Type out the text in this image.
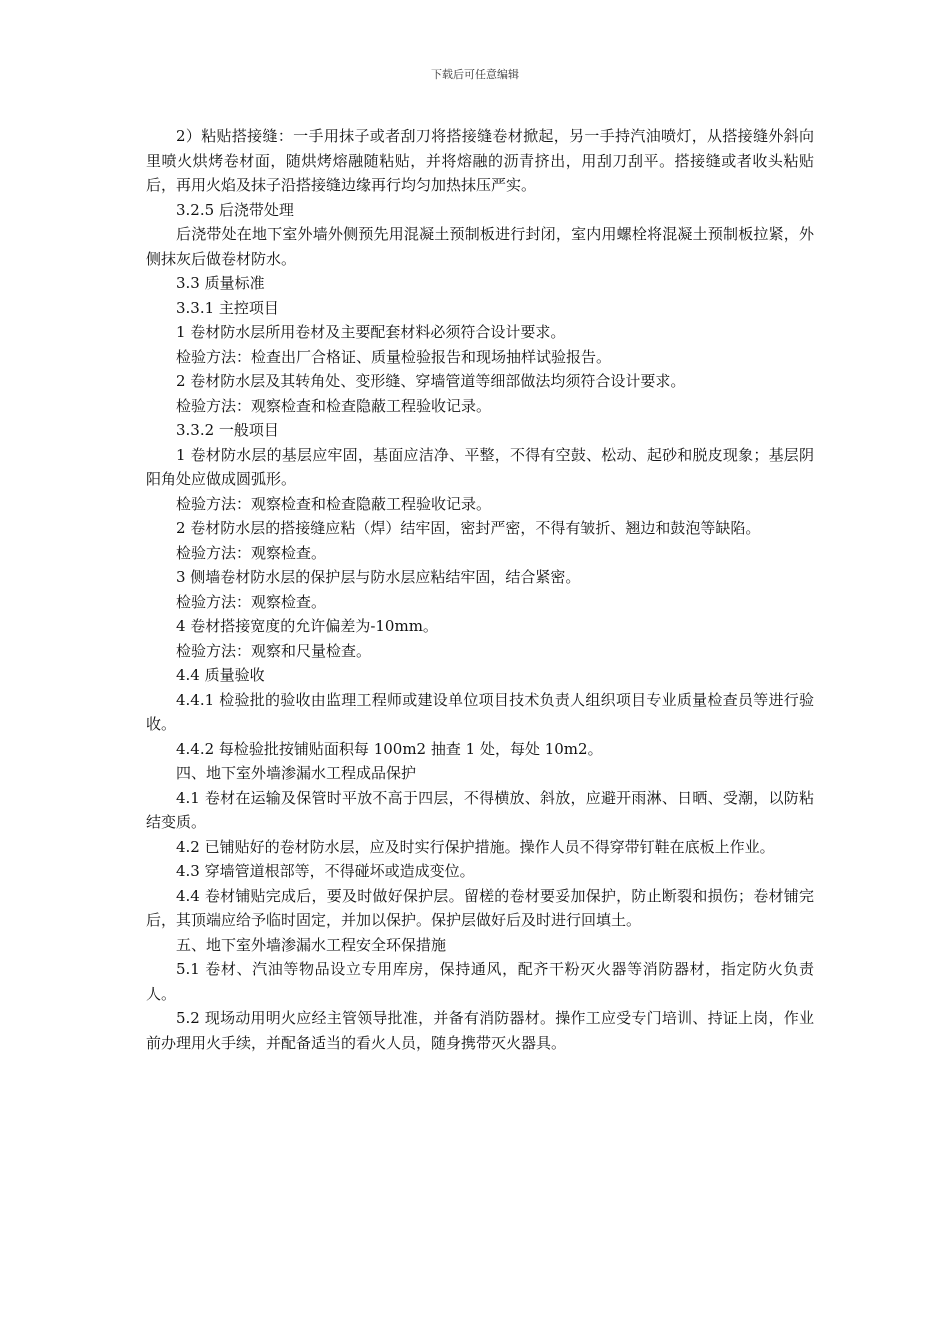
下载后可任意编辑

2）粘贴搭接缝：一手用抹子或者刮刀将搭接缝卷材掀起，另一手持汽油喷灯，从搭接缝外斜向里喷火烘烤卷材面，随烘烤熔融随粘贴，并将熔融的沥青挤出，用刮刀刮平。搭接缝或者收头粘贴后，再用火焰及抹子沿搭接缝边缘再行均匀加热抹压严实。

3.2.5 后浇带处理

后浇带处在地下室外墙外侧预先用混凝土预制板进行封闭，室内用螺栓将混凝土预制板拉紧，外侧抹灰后做卷材防水。

3.3 质量标准

3.3.1 主控项目

1 卷材防水层所用卷材及主要配套材料必须符合设计要求。

检验方法：检查出厂合格证、质量检验报告和现场抽样试验报告。

2 卷材防水层及其转角处、变形缝、穿墙管道等细部做法均须符合设计要求。

检验方法：观察检查和检查隐蔽工程验收记录。

3.3.2 一般项目

1 卷材防水层的基层应牢固，基面应洁净、平整，不得有空鼓、松动、起砂和脱皮现象；基层阴阳角处应做成圆弧形。

检验方法：观察检查和检查隐蔽工程验收记录。

2 卷材防水层的搭接缝应粘（焊）结牢固，密封严密，不得有皱折、翘边和鼓泡等缺陷。

检验方法：观察检查。

3 侧墙卷材防水层的保护层与防水层应粘结牢固，结合紧密。

检验方法：观察检查。

4 卷材搭接宽度的允许偏差为-10mm。

检验方法：观察和尺量检查。

4.4 质量验收

4.4.1 检验批的验收由监理工程师或建设单位项目技术负责人组织项目专业质量检查员等进行验收。

4.4.2 每检验批按铺贴面积每 100m2 抽查 1 处，每处 10m2。

四、地下室外墙渗漏水工程成品保护

4.1 卷材在运输及保管时平放不高于四层，不得横放、斜放，应避开雨淋、日晒、受潮，以防粘结变质。

4.2 已铺贴好的卷材防水层，应及时实行保护措施。操作人员不得穿带钉鞋在底板上作业。

4.3 穿墙管道根部等，不得碰坏或造成变位。

4.4 卷材铺贴完成后，要及时做好保护层。留槎的卷材要妥加保护，防止断裂和损伤；卷材铺完后，其顶端应给予临时固定，并加以保护。保护层做好后及时进行回填土。

五、地下室外墙渗漏水工程安全环保措施

5.1 卷材、汽油等物品设立专用库房，保持通风，配齐干粉灭火器等消防器材，指定防火负责人。

5.2 现场动用明火应经主管领导批准，并备有消防器材。操作工应受专门培训、持证上岗，作业前办理用火手续，并配备适当的看火人员，随身携带灭火器具。
